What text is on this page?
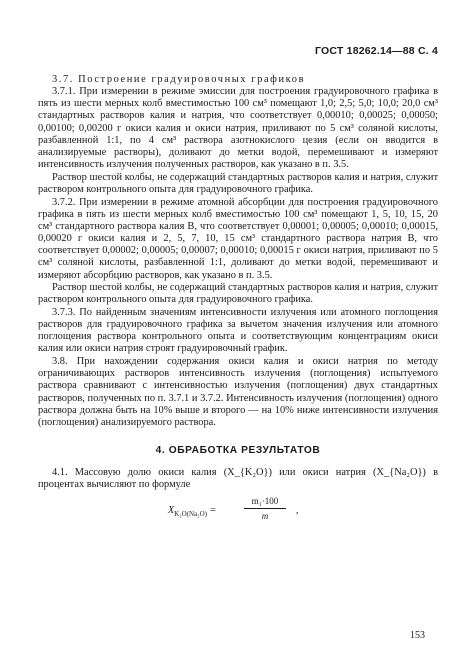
ГОСТ 18262.14—88 С. 4

3.7. Построение градуировочных графиков

3.7.1. При измерении в режиме эмиссии для построения градуировочного графика в пять из шести мерных колб вместимостью 100 см³ помещают 1,0; 2,5; 5,0; 10,0; 20,0 см³ стандартных растворов калия и натрия, что соответствует 0,00010; 0,00025; 0,00050; 0,00100; 0,00200 г окиси калия и окиси натрия, приливают по 5 см³ соляной кислоты, разбавленной 1:1, по 4 см³ раствора азотнокислого цезия (если он вводится в анализируемые растворы), доливают до метки водой, перемешивают и измеряют интенсивность излучения полученных растворов, как указано в п. 3.5.

Раствор шестой колбы, не содержащий стандартных растворов калия и натрия, служит раствором контрольного опыта для градуировочного графика.

3.7.2. При измерении в режиме атомной абсорбции для построения градуировочного графика в пять из шести мерных колб вместимостью 100 см³ помещают 1, 5, 10, 15, 20 см³ стандартного раствора калия В, что соответствует 0,00001; 0,00005; 0,00010; 0,00015, 0,00020 г окиси калия и 2, 5, 7, 10, 15 см³ стандартного раствора натрия В, что соответствует 0,00002; 0,00005; 0,00007; 0,00010; 0,00015 г окиси натрия, приливают по 5 см³ соляной кислоты, разбавленной 1:1, доливают до метки водой, перемешивают и измеряют абсорбцию растворов, как указано в п. 3.5.

Раствор шестой колбы, не содержащий стандартных растворов калия и натрия, служит раствором контрольного опыта для градуировочного графика.

3.7.3. По найденным значениям интенсивности излучения или атомного поглощения растворов для градуировочного графика за вычетом значения излучения или атомного поглощения раствора контрольного опыта и соответствующим концентрациям окиси калия или окиси натрия строят градуировочный график.

3.8. При нахождении содержания окиси калия и окиси натрия по методу ограничивающих растворов интенсивность излучения (поглощения) испытуемого раствора сравнивают с интенсивностью излучения (поглощения) двух стандартных растворов, полученных по п. 3.7.1 и 3.7.2. Интенсивность излучения (поглощения) одного раствора должна быть на 10% выше и второго — на 10% ниже интенсивности излучения (поглощения) анализируемого раствора.

4. ОБРАБОТКА РЕЗУЛЬТАТОВ

4.1. Массовую долю окиси калия (X_{K₂O}) или окиси натрия (X_{Na₂O}) в процентах вычисляют по формуле

$X_{K_2O(Na_2O)}$ =	$\frac{\text{m₁·100}}{m}$ ,
153
